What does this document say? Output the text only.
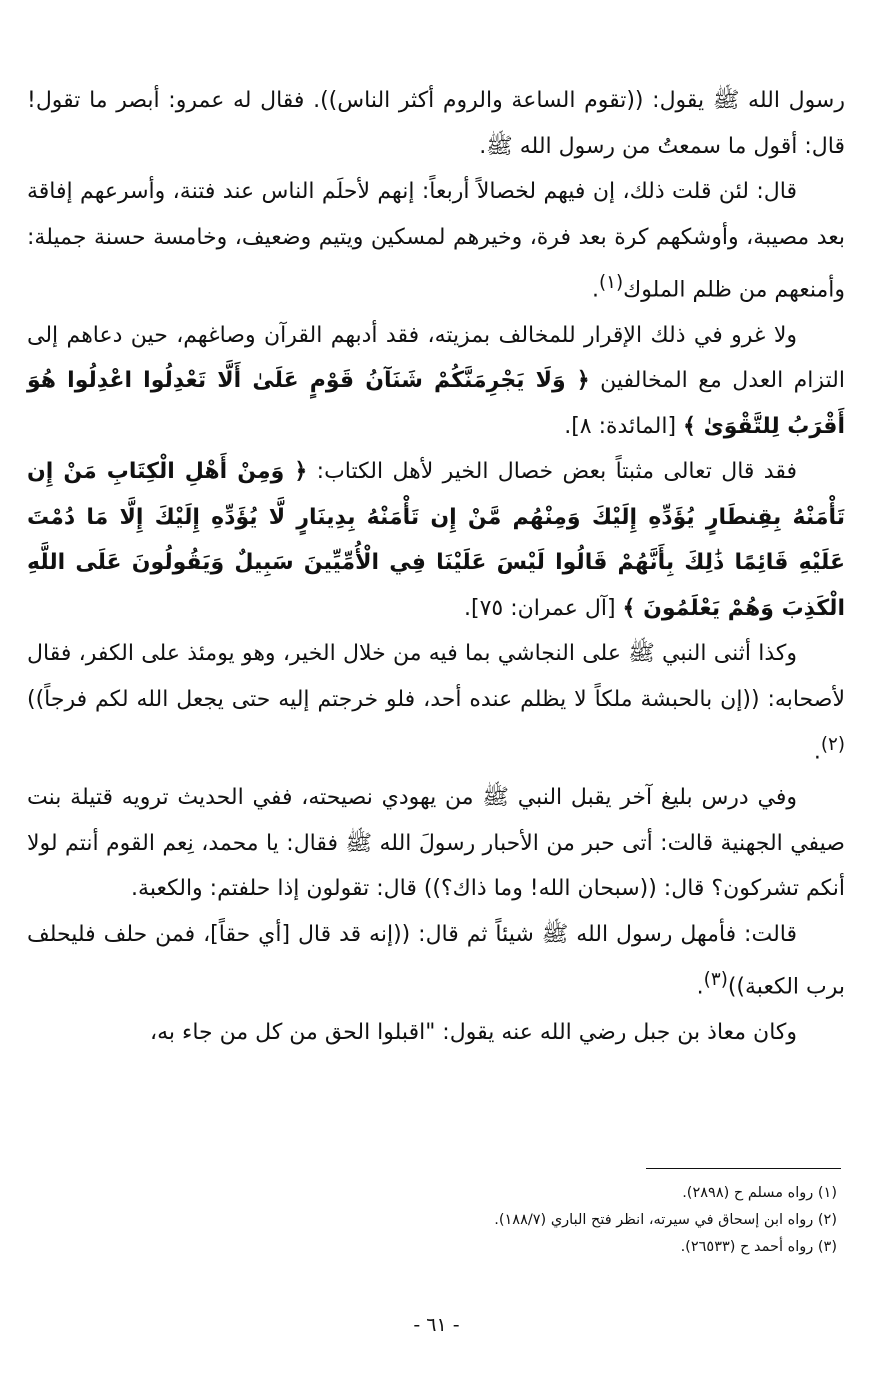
رسول الله ﷺ يقول: ((تقوم الساعة والروم أكثر الناس)). فقال له عمرو: أبصر ما تقول! قال: أقول ما سمعتُ من رسول الله ﷺ.

قال: لئن قلت ذلك، إن فيهم لخصالاً أربعاً: إنهم لأحلَم الناس عند فتنة، وأسرعهم إفاقة بعد مصيبة، وأوشكهم كرة بعد فرة، وخيرهم لمسكين ويتيم وضعيف، وخامسة حسنة جميلة: وأمنعهم من ظلم الملوك$^{(١)}$.

ولا غرو في ذلك الإقرار للمخالف بمزيته، فقد أدبهم القرآن وصاغهم، حين دعاهم إلى التزام العدل مع المخالفين ﴿ وَلَا يَجْرِمَنَّكُمْ شَنَآنُ قَوْمٍ عَلَىٰ أَلَّا تَعْدِلُوا اعْدِلُوا هُوَ أَقْرَبُ لِلتَّقْوَىٰ ﴾ [المائدة: ٨].

فقد قال تعالى مثبتاً بعض خصال الخير لأهل الكتاب: ﴿ وَمِنْ أَهْلِ الْكِتَابِ مَنْ إِن تَأْمَنْهُ بِقِنطَارٍ يُؤَدِّهِ إِلَيْكَ وَمِنْهُم مَّنْ إِن تَأْمَنْهُ بِدِينَارٍ لَّا يُؤَدِّهِ إِلَيْكَ إِلَّا مَا دُمْتَ عَلَيْهِ قَائِمًا ذَٰلِكَ بِأَنَّهُمْ قَالُوا لَيْسَ عَلَيْنَا فِي الْأُمِّيِّينَ سَبِيلٌ وَيَقُولُونَ عَلَى اللَّهِ الْكَذِبَ وَهُمْ يَعْلَمُونَ ﴾ [آل عمران: ٧٥].

وكذا أثنى النبي ﷺ على النجاشي بما فيه من خلال الخير، وهو يومئذ على الكفر، فقال لأصحابه: ((إن بالحبشة ملكاً لا يظلم عنده أحد، فلو خرجتم إليه حتى يجعل الله لكم فرجاً))$^{(٢)}$.

وفي درس بليغ آخر يقبل النبي ﷺ من يهودي نصيحته، ففي الحديث ترويه قتيلة بنت صيفي الجهنية قالت: أتى حبر من الأحبار رسولَ الله ﷺ فقال: يا محمد، نِعم القوم أنتم لولا أنكم تشركون؟ قال: ((سبحان الله! وما ذاك؟)) قال: تقولون إذا حلفتم: والكعبة.

قالت: فأمهل رسول الله ﷺ شيئاً ثم قال: ((إنه قد قال [أي حقاً]، فمن حلف فليحلف برب الكعبة))$^{(٣)}$.

وكان معاذ بن جبل رضي الله عنه يقول: "اقبلوا الحق من كل من جاء به،

(١) رواه مسلم ح (٢٨٩٨).

(٢) رواه ابن إسحاق في سيرته، انظر فتح الباري (١٨٨/٧).

(٣) رواه أحمد ح (٢٦٥٣٣).

- ٦١ -
